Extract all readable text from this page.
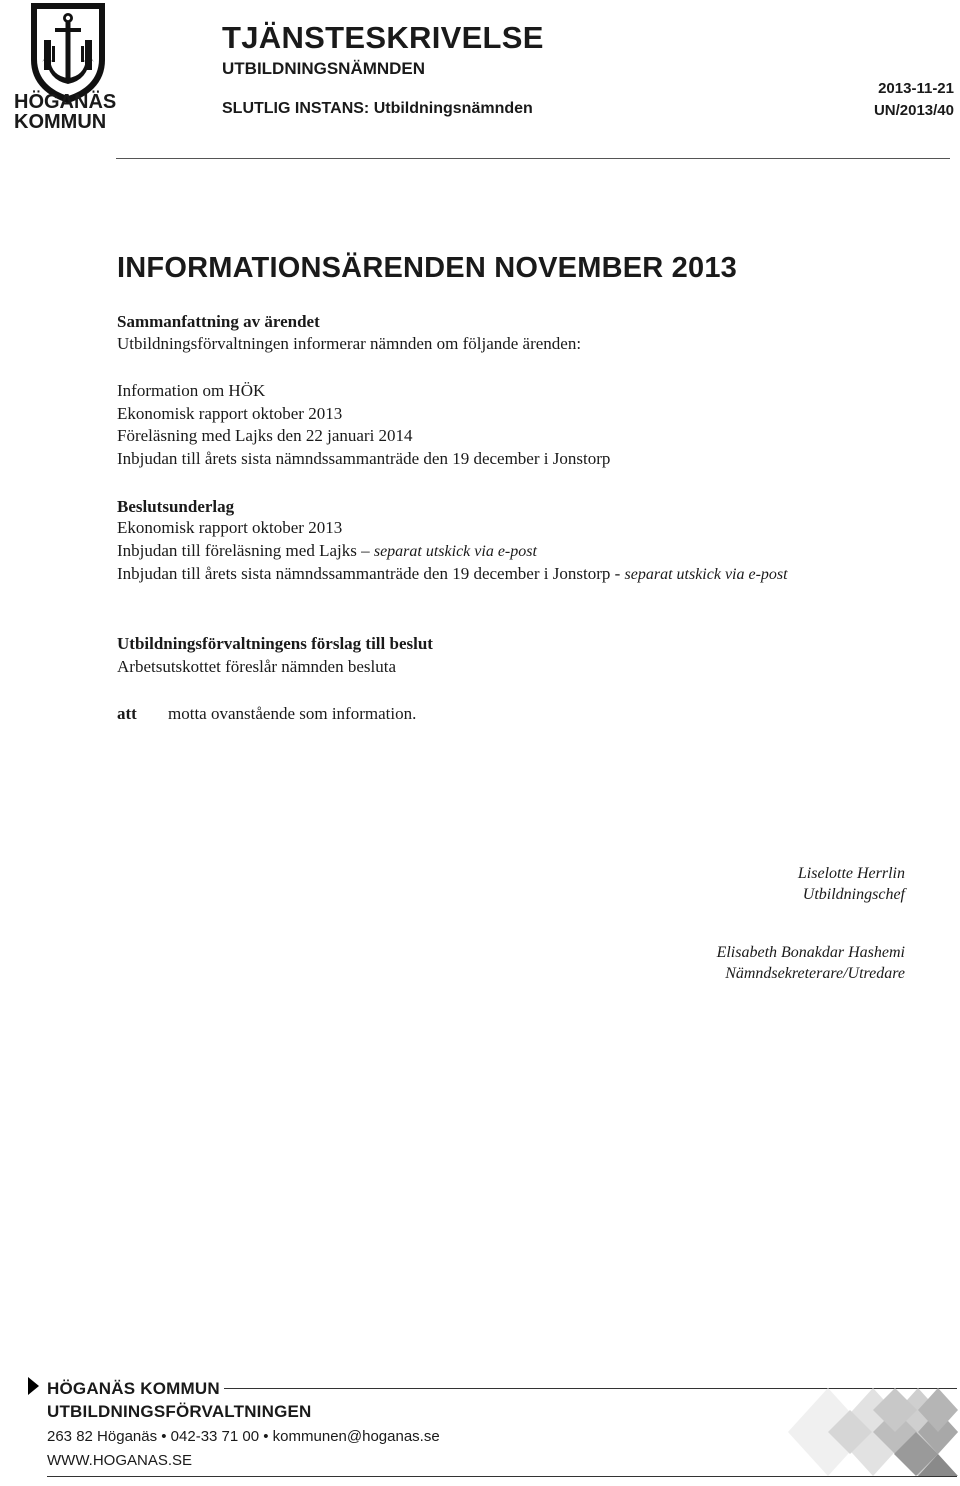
HÖGANÄS
KOMMUN
TJÄNSTESKRIVELSE
UTBILDNINGSNÄMNDEN
SLUTLIG INSTANS: Utbildningsnämnden
2013-11-21
UN/2013/40
INFORMATIONSÄRENDEN NOVEMBER 2013
Sammanfattning av ärendet
Utbildningsförvaltningen informerar nämnden om följande ärenden:
Information om HÖK
Ekonomisk rapport oktober 2013
Föreläsning med Lajks den 22 januari 2014
Inbjudan till årets sista nämndssammanträde den 19 december i Jonstorp
Beslutsunderlag
Ekonomisk rapport oktober 2013
Inbjudan till föreläsning med Lajks – separat utskick via e-post
Inbjudan till årets sista nämndssammanträde den 19 december i Jonstorp - separat utskick via e-post
Utbildningsförvaltningens förslag till beslut
Arbetsutskottet föreslår nämnden besluta
att motta ovanstående som information.
Liselotte Herrlin
Utbildningschef
Elisabeth Bonakdar Hashemi
Nämndsekreterare/Utredare
HÖGANÄS KOMMUN
UTBILDNINGSFÖRVALTNINGEN
263 82 Höganäs • 042-33 71 00 • kommunen@hoganas.se
WWW.HOGANAS.SE
